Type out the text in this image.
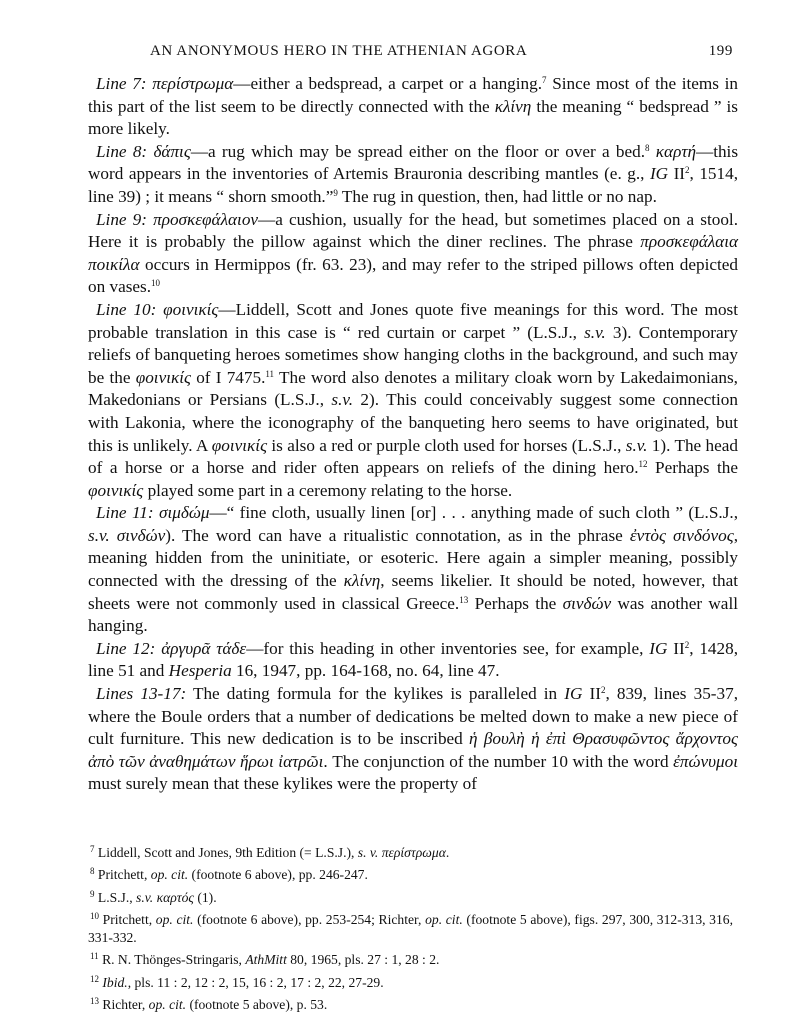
AN ANONYMOUS HERO IN THE ATHENIAN AGORA	199

Line 7: περίστρωμα—either a bedspread, a carpet or a hanging.$^7$ Since most of the items in this part of the list seem to be directly connected with the κλίνη the meaning “ bedspread ” is more likely.

Line 8: δάπις—a rug which may be spread either on the floor or over a bed.$^8$ καρτή—this word appears in the inventories of Artemis Brauronia describing mantles (e. g., IG $II^2$, 1514, line 39) ; it means “ shorn smooth.”$^9$ The rug in question, then, had little or no nap.

Line 9: προσκεφάλαιον—a cushion, usually for the head, but sometimes placed on a stool. Here it is probably the pillow against which the diner reclines. The phrase προσκεφάλαια ποικίλα occurs in Hermippos (fr. 63. 23), and may refer to the striped pillows often depicted on vases.$^{10}$

Line 10: φοινικίς—Liddell, Scott and Jones quote five meanings for this word. The most probable translation in this case is “ red curtain or carpet ” (L.S.J., s.v. 3). Contemporary reliefs of banqueting heroes sometimes show hanging cloths in the background, and such may be the φοινικίς of I 7475.11 The word also denotes a military cloak worn by Lakedaimonians, Makedonians or Persians (L.S.J., s.v. 2). This could conceivably suggest some connection with Lakonia, where the iconography of the banqueting hero seems to have originated, but this is unlikely. A φοινικίς is also a red or purple cloth used for horses (L.S.J., s.v. 1). The head of a horse or a horse and rider often appears on reliefs of the dining hero.$^{12}$ Perhaps the φοινικίς played some part in a ceremony relating to the horse.

Line 11: σιμδώμ—“ fine cloth, usually linen [or] . . . anything made of such cloth ” (L.S.J., s.v. σινδών). The word can have a ritualistic connotation, as in the phrase ἐντὸς σινδόνος, meaning hidden from the uninitiate, or esoteric. Here again a simpler meaning, possibly connected with the dressing of the κλίνη, seems likelier. It should be noted, however, that sheets were not commonly used in classical Greece.$^{13}$ Perhaps the σινδών was another wall hanging.

Line 12: ἀργυρᾶ τάδε—for this heading in other inventories see, for example, IG $II^2$, 1428, line 51 and Hesperia 16, 1947, pp. 164-168, no. 64, line 47.

Lines 13-17: The dating formula for the kylikes is paralleled in IG $II^2$, 839, lines 35-37, where the Boule orders that a number of dedications be melted down to make a new piece of cult furniture. This new dedication is to be inscribed ἡ βουλὴ ἡ ἐπὶ Θρασυφῶντος ἄρχοντος ἀπὸ τῶν ἀναθημάτων ἥρωι ἰατρῶι. The conjunction of the number 10 with the word ἐπώνυμοι must surely mean that these kylikes were the property of

$^7$ Liddell, Scott and Jones, 9th Edition (= L.S.J.), s. v. περίστρωμα.

$^8$ Pritchett, op. cit. (footnote 6 above), pp. 246-247.

$^9$ L.S.J., s.v. καρτός (1).

$^{10}$ Pritchett, op. cit. (footnote 6 above), pp. 253-254; Richter, op. cit. (footnote 5 above), figs. 297, 300, 312-313, 316, 331-332.

$^{11}$ R. N. Thönges-Stringaris, AthMitt 80, 1965, pls. 27 : 1, 28 : 2.

$^{12}$ Ibid., pls. 11 : 2, 12 : 2, 15, 16 : 2, 17 : 2, 22, 27-29.

$^{13}$ Richter, op. cit. (footnote 5 above), p. 53.
